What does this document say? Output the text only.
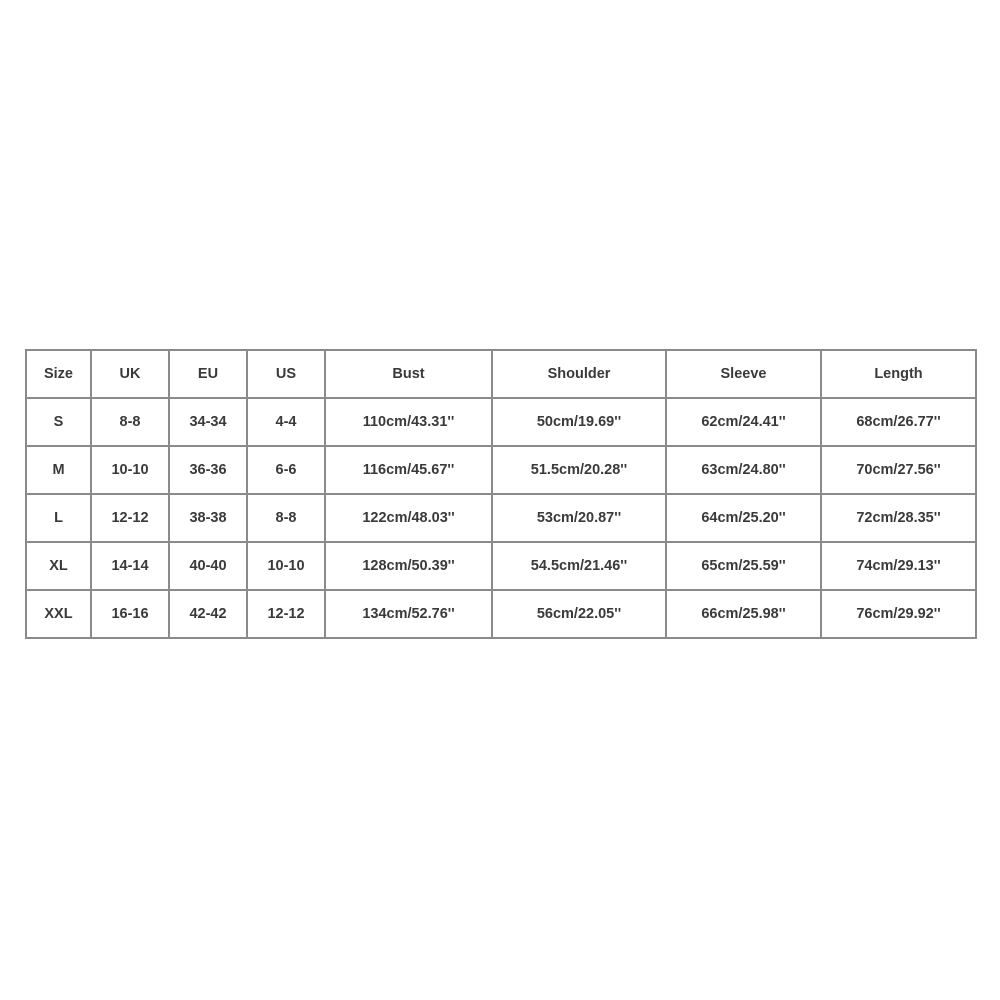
Size	UK	EU	US	Bust	Shoulder	Sleeve	Length
S	8-8	34-34	4-4	110cm/43.31''	50cm/19.69''	62cm/24.41''	68cm/26.77''
M	10-10	36-36	6-6	116cm/45.67''	51.5cm/20.28''	63cm/24.80''	70cm/27.56''
L	12-12	38-38	8-8	122cm/48.03''	53cm/20.87''	64cm/25.20''	72cm/28.35''
XL	14-14	40-40	10-10	128cm/50.39''	54.5cm/21.46''	65cm/25.59''	74cm/29.13''
XXL	16-16	42-42	12-12	134cm/52.76''	56cm/22.05''	66cm/25.98''	76cm/29.92''
